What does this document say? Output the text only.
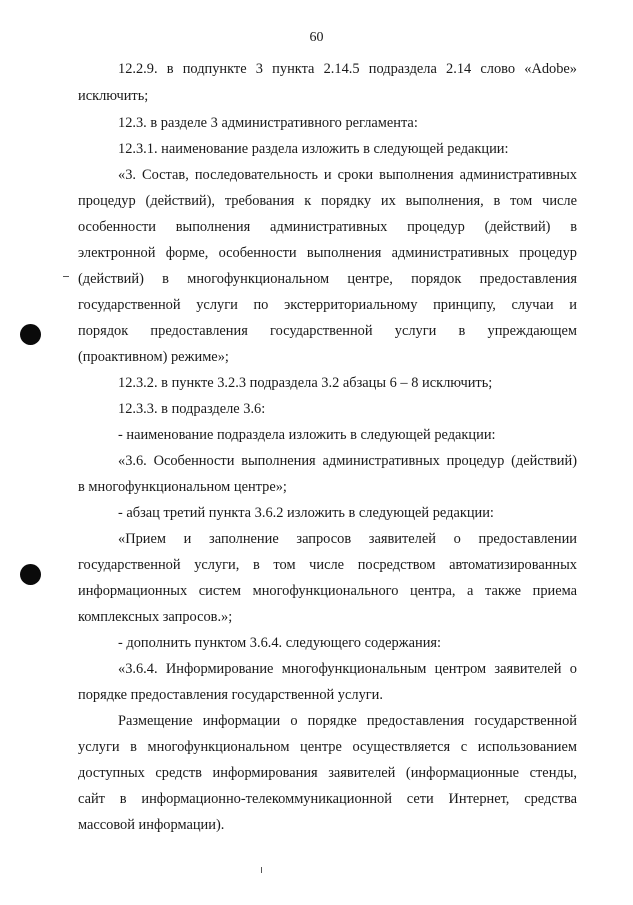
60
12.2.9. в подпункте 3 пункта 2.14.5 подраздела 2.14 слово «Adobe»
исключить;
12.3. в разделе 3 административного регламента:
12.3.1. наименование раздела изложить в следующей редакции:
«3. Состав, последовательность и сроки выполнения административных
процедур (действий), требования к порядку их выполнения, в том числе
особенности выполнения административных процедур (действий) в
электронной форме, особенности выполнения административных процедур
(действий) в многофункциональном центре, порядок предоставления
государственной услуги по экстерриториальному принципу, случаи и
порядок предоставления государственной услуги в упреждающем
(проактивном) режиме»;
12.3.2. в пункте 3.2.3 подраздела 3.2 абзацы 6 – 8 исключить;
12.3.3. в подразделе 3.6:
- наименование подраздела изложить в следующей редакции:
«3.6. Особенности выполнения административных процедур (действий)
в многофункциональном центре»;
- абзац третий пункта 3.6.2 изложить в следующей редакции:
«Прием и заполнение запросов заявителей о предоставлении
государственной услуги, в том числе посредством автоматизированных
информационных систем многофункционального центра, а также приема
комплексных запросов.»;
- дополнить пунктом 3.6.4. следующего содержания:
«3.6.4. Информирование многофункциональным центром заявителей о
порядке предоставления государственной услуги.
Размещение информации о порядке предоставления государственной
услуги в многофункциональном центре осуществляется с использованием
доступных средств информирования заявителей (информационные стенды,
сайт в информационно-телекоммуникационной сети Интернет, средства
массовой информации).
